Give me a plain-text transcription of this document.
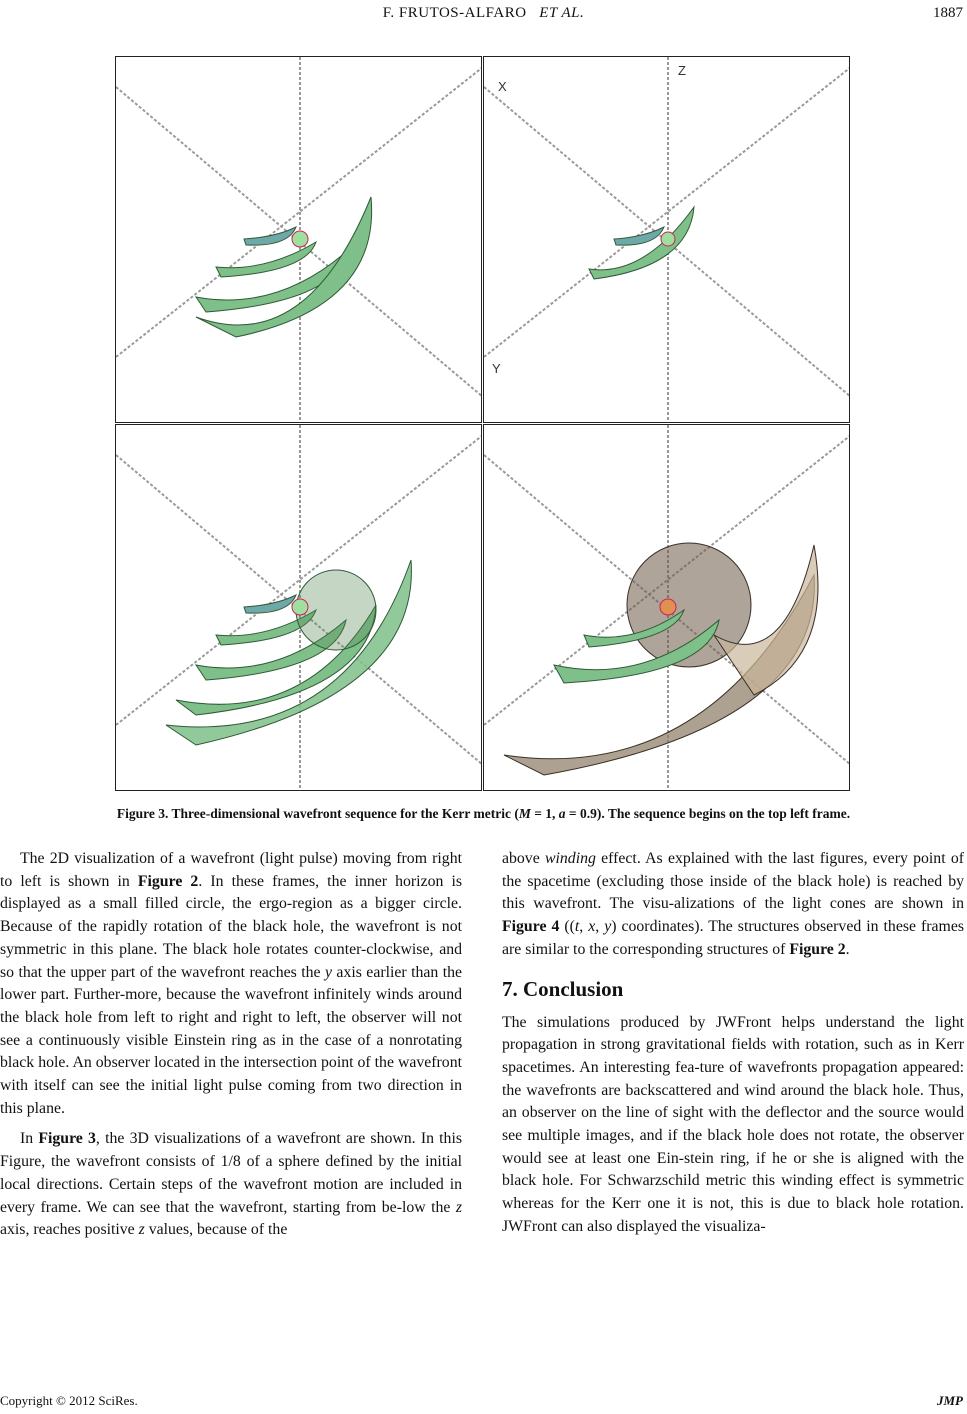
F. FRUTOS-ALFARO ET AL.	1887
X
Z
Y
Figure 3. Three-dimensional wavefront sequence for the Kerr metric (M = 1, a = 0.9). The sequence begins on the top left frame.

The 2D visualization of a wavefront (light pulse) moving from right to left is shown in Figure 2. In these frames, the inner horizon is displayed as a small filled circle, the ergo-region as a bigger circle. Because of the rapidly rotation of the black hole, the wavefront is not symmetric in this plane. The black hole rotates counter-clockwise, and so that the upper part of the wavefront reaches the y axis earlier than the lower part. Further-more, because the wavefront infinitely winds around the black hole from left to right and right to left, the observer will not see a continuously visible Einstein ring as in the case of a nonrotating black hole. An observer located in the intersection point of the wavefront with itself can see the initial light pulse coming from two direction in this plane.

In Figure 3, the 3D visualizations of a wavefront are shown. In this Figure, the wavefront consists of 1/8 of a sphere defined by the initial local directions. Certain steps of the wavefront motion are included in every frame. We can see that the wavefront, starting from be-low the z axis, reaches positive z values, because of the

above winding effect. As explained with the last figures, every point of the spacetime (excluding those inside of the black hole) is reached by this wavefront. The visu-alizations of the light cones are shown in Figure 4 ((t, x, y) coordinates). The structures observed in these frames are similar to the corresponding structures of Figure 2.

7. Conclusion

The simulations produced by JWFront helps understand the light propagation in strong gravitational fields with rotation, such as in Kerr spacetimes. An interesting fea-ture of wavefronts propagation appeared: the wavefronts are backscattered and wind around the black hole. Thus, an observer on the line of sight with the deflector and the source would see multiple images, and if the black hole does not rotate, the observer would see at least one Ein-stein ring, if he or she is aligned with the black hole. For Schwarzschild metric this winding effect is symmetric whereas for the Kerr one it is not, this is due to black hole rotation. JWFront can also displayed the visualiza-

Copyright © 2012 SciRes.	JMP
